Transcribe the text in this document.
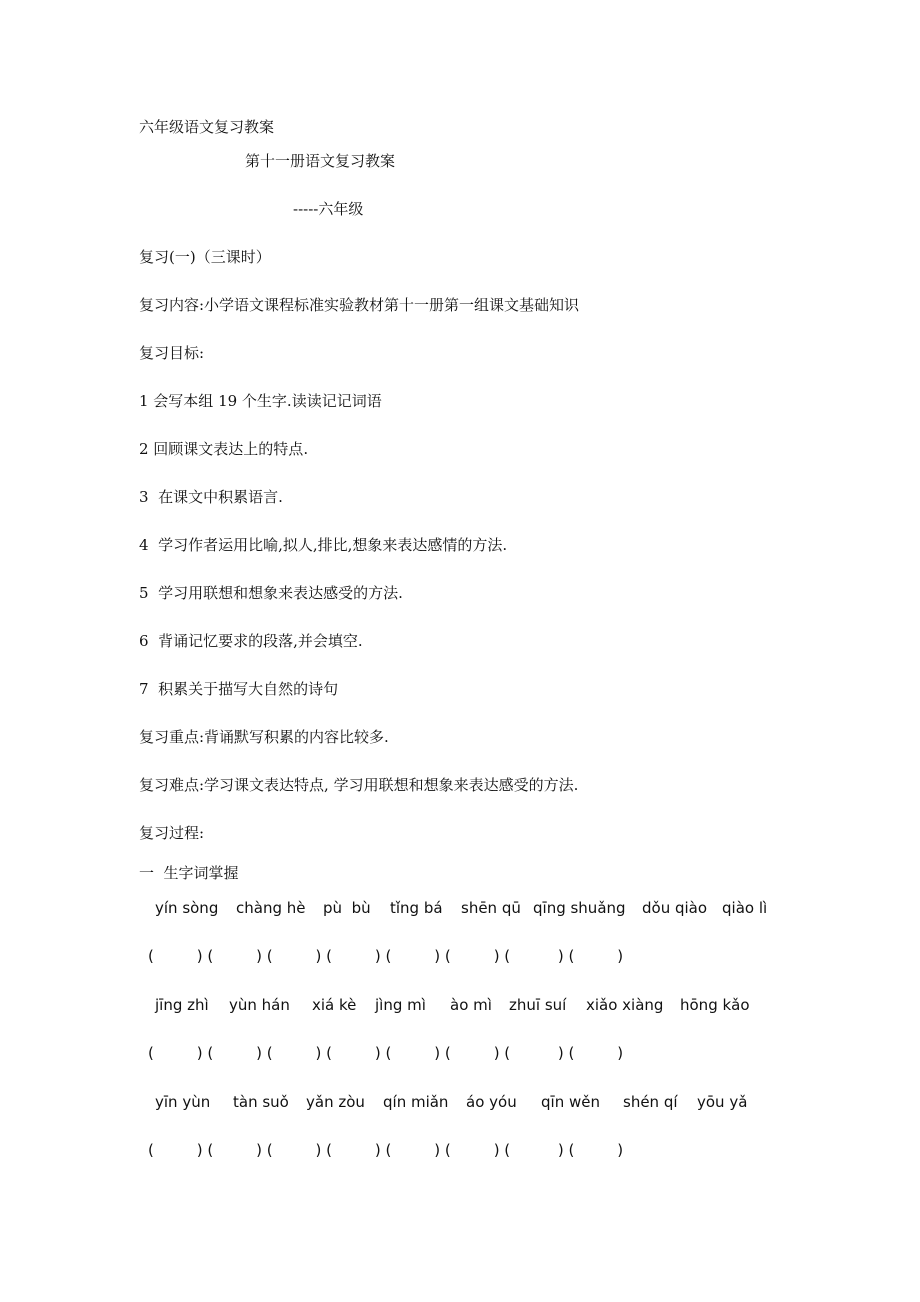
六年级语文复习教案
第十一册语文复习教案
-----六年级
复习(一)（三课时）
复习内容:小学语文课程标准实验教材第十一册第一组课文基础知识
复习目标:
1 会写本组 19 个生字.读读记记词语
2 回顾课文表达上的特点.
3  在课文中积累语言.
4  学习作者运用比喻,拟人,排比,想象来表达感情的方法.
5  学习用联想和想象来表达感受的方法.
6  背诵记忆要求的段落,并会填空.
7  积累关于描写大自然的诗句
复习重点:背诵默写积累的内容比较多.
复习难点:学习课文表达特点, 学习用联想和想象来表达感受的方法.
复习过程:
一  生字词掌握
yín sòng chàng hè pù  bù tǐng bá shēn qū qīng shuǎng dǒu qiào qiào lì
(         ) (         ) (         ) (         ) (         ) (         ) (          ) (         )
jīng zhì yùn hán xiá kè jìng mì ào mì zhuī suí xiǎo xiàng hōng kǎo
(         ) (         ) (         ) (         ) (         ) (         ) (          ) (         )
yīn yùn tàn suǒ yǎn zòu qín miǎn áo yóu qīn wěn shén qí yōu yǎ
(         ) (         ) (         ) (         ) (         ) (         ) (          ) (         )
